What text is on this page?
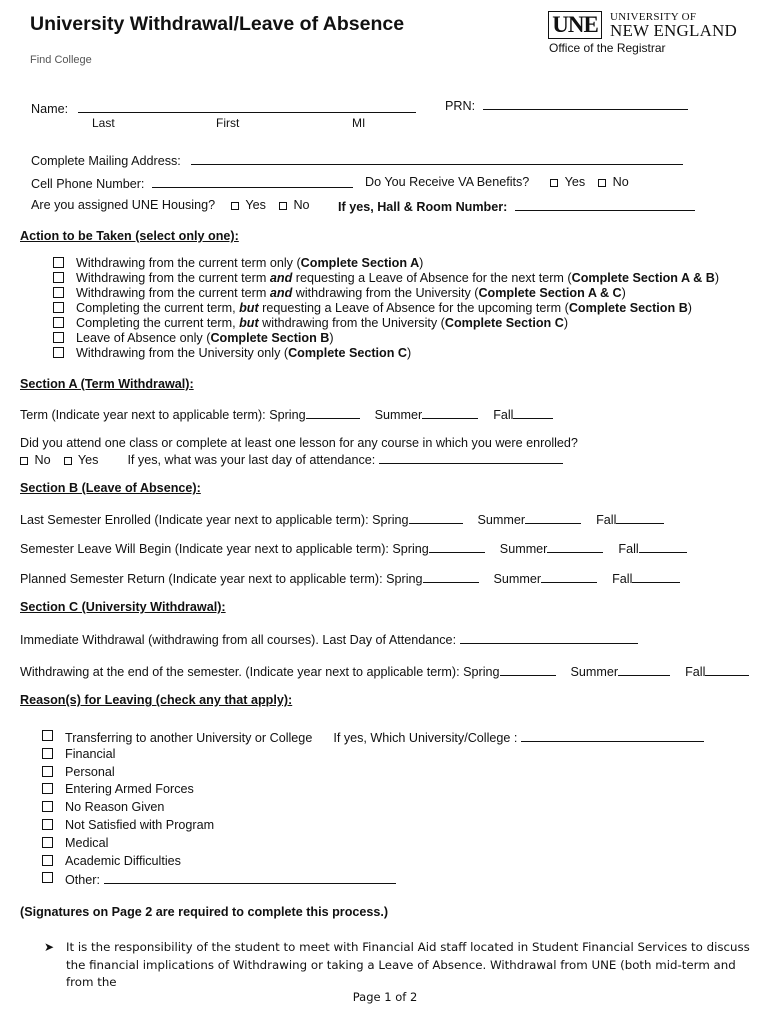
University Withdrawal/Leave of Absence
Find College
UNE	UNIVERSITY OF
NEW ENGLAND
Office of the Registrar
Name:
Last	First	MI
PRN:
Complete Mailing Address:
Cell Phone Number:	Do You Receive VA Benefits?	Yes No
Are you assigned UNE Housing? Yes No If yes, Hall & Room Number:
Action to be Taken (select only one):
Withdrawing from the current term only (Complete Section A)
Withdrawing from the current term and requesting a Leave of Absence for the next term (Complete Section A & B)
Withdrawing from the current term and withdrawing from the University (Complete Section A & C)
Completing the current term, but requesting a Leave of Absence for the upcoming term (Complete Section B)
Completing the current term, but withdrawing from the University (Complete Section C)
Leave of Absence only (Complete Section B)
Withdrawing from the University only (Complete Section C)
Section A (Term Withdrawal):
Term (Indicate year next to applicable term): Spring	Summer	Fall
Did you attend one class or complete at least one lesson for any course in which you were enrolled?
No Yes If yes, what was your last day of attendance:
Section B (Leave of Absence):
Last Semester Enrolled (Indicate year next to applicable term): Spring	Summer	Fall
Semester Leave Will Begin (Indicate year next to applicable term): Spring	Summer	Fall
Planned Semester Return (Indicate year next to applicable term): Spring	Summer	Fall
Section C (University Withdrawal):
Immediate Withdrawal (withdrawing from all courses). Last Day of Attendance:
Withdrawing at the end of the semester. (Indicate year next to applicable term): Spring	Summer	Fall
Reason(s) for Leaving (check any that apply):
Transferring to another University or College If yes, Which University/College :
Financial
Personal
Entering Armed Forces
No Reason Given
Not Satisfied with Program
Medical
Academic Difficulties
Other:
(Signatures on Page 2 are required to complete this process.)
➤ It is the responsibility of the student to meet with Financial Aid staff located in Student Financial Services to discuss the financial implications of Withdrawing or taking a Leave of Absence. Withdrawal from UNE (both mid-term and from the
Page 1 of 2
